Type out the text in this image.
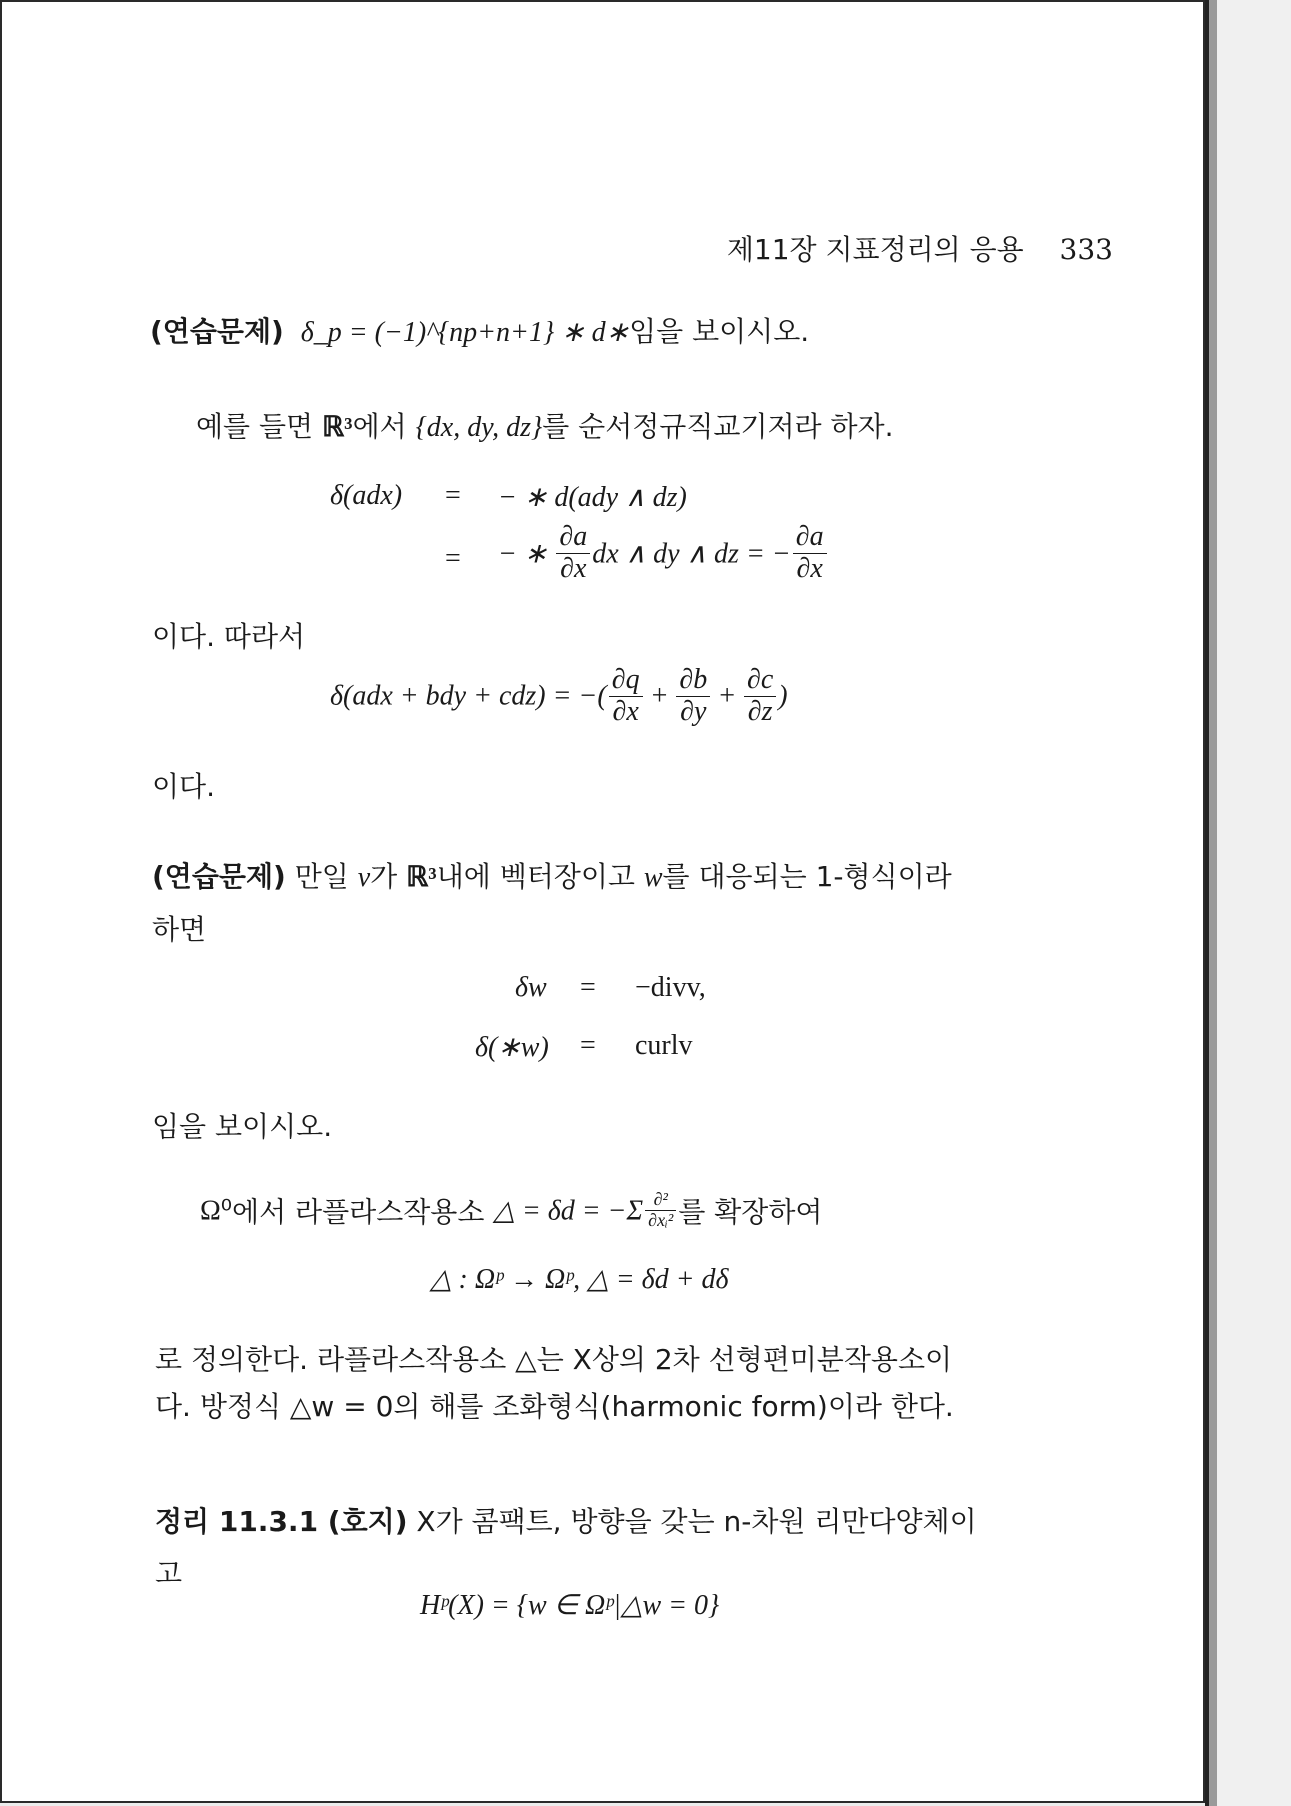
제11장 지표정리의 응용 333
(연습문제) δ_p = (−1)^{np+n+1} ∗ d∗임을 보이시오.
예를 들면 ℝ³에서 {dx, dy, dz}를 순서정규직교기저라 하자.
δ(adx) = − ∗ d(ady ∧ dz)
= − ∗ $\frac{\partial a}{\partial x}$ dx ∧ dy ∧ dz = − $\frac{\partial a}{\partial x}$
이다. 따라서
δ(adx + bdy + cdz) = −( $\frac{\partial q}{\partial x} + \frac{\partial b}{\partial y} + \frac{\partial c}{\partial z}$ )
이다.
(연습문제) 만일 v가 ℝ³내에 벡터장이고 w를 대응되는 1-형식이라
하면
δw = −divv,
δ(∗w) = curlv
임을 보이시오.
Ω⁰에서 라플라스작용소 △ = $\delta d = -\Sigma \frac{\text{∂²}}{\text{∂xᵢ²}}$ 를 확장하여
△ : Ωᵖ → Ωᵖ, △ = δd + dδ
로 정의한다. 라플라스작용소 △는 X상의 2차 선형편미분작용소이
다. 방정식 △w = 0의 해를 조화형식(harmonic form)이라 한다.
정리 11.3.1 (호지) X가 콤팩트, 방향을 갖는 n-차원 리만다양체이
고
Hᵖ(X) = {w ∈ Ωᵖ|△w = 0}
